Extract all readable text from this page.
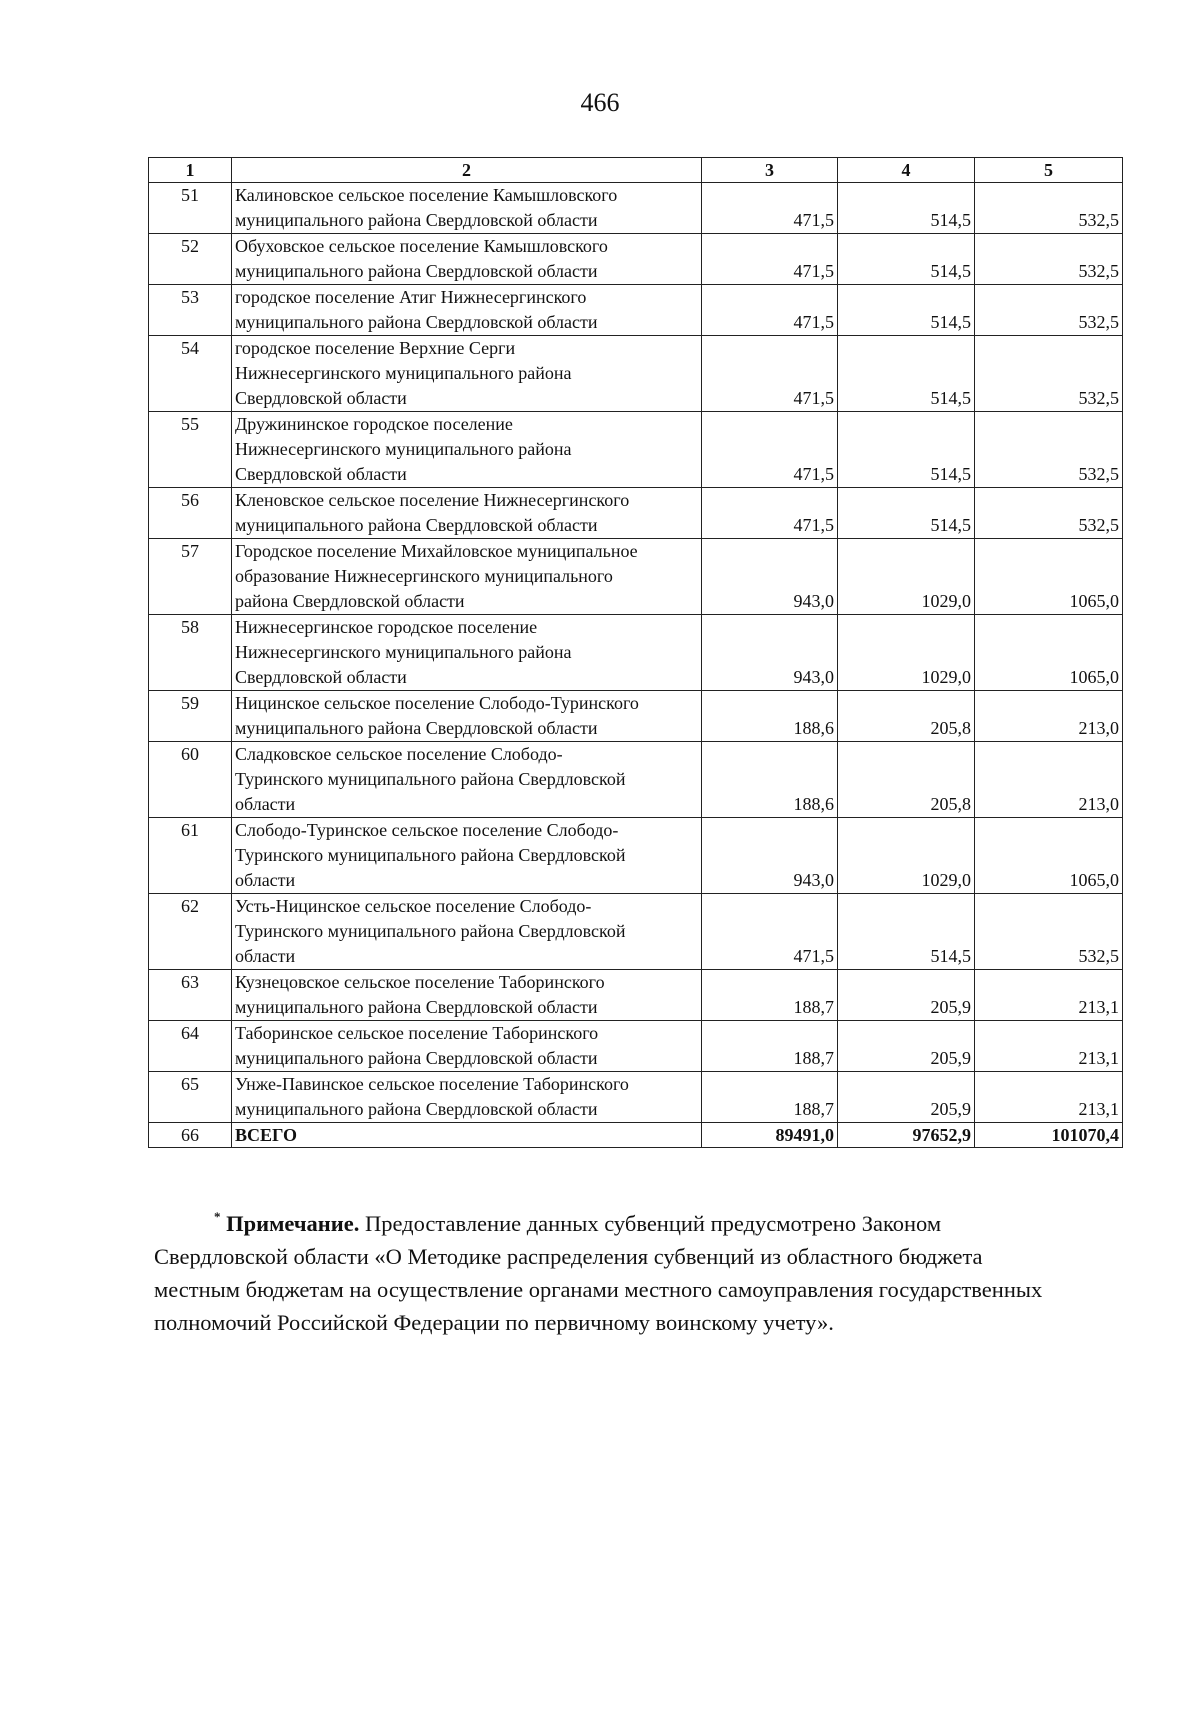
466
1	2	3	4	5
51	Калиновское сельское поселение Камышловского
муниципального района Свердловской области	471,5	514,5	532,5
52	Обуховское сельское поселение Камышловского
муниципального района Свердловской области	471,5	514,5	532,5
53	городское поселение Атиг Нижнесергинского
муниципального района Свердловской области	471,5	514,5	532,5
54	городское поселение Верхние Серги
Нижнесергинского муниципального района
Свердловской области	471,5	514,5	532,5
55	Дружининское городское поселение
Нижнесергинского муниципального района
Свердловской области	471,5	514,5	532,5
56	Кленовское сельское поселение Нижнесергинского
муниципального района Свердловской области	471,5	514,5	532,5
57	Городское поселение Михайловское муниципальное
образование Нижнесергинского муниципального
района Свердловской области	943,0	1029,0	1065,0
58	Нижнесергинское городское поселение
Нижнесергинского муниципального района
Свердловской области	943,0	1029,0	1065,0
59	Ницинское сельское поселение Слободо-Туринского
муниципального района Свердловской области	188,6	205,8	213,0
60	Сладковское сельское поселение Слободо-
Туринского муниципального района Свердловской
области	188,6	205,8	213,0
61	Слободо-Туринское сельское поселение Слободо-
Туринского муниципального района Свердловской
области	943,0	1029,0	1065,0
62	Усть-Ницинское сельское поселение Слободо-
Туринского муниципального района Свердловской
области	471,5	514,5	532,5
63	Кузнецовское сельское поселение Таборинского
муниципального района Свердловской области	188,7	205,9	213,1
64	Таборинское сельское поселение Таборинского
муниципального района Свердловской области	188,7	205,9	213,1
65	Унже-Павинское сельское поселение Таборинского
муниципального района Свердловской области	188,7	205,9	213,1
66	ВСЕГО	89491,0	97652,9	101070,4
* Примечание. Предоставление данных субвенций предусмотрено Законом
Свердловской области «О Методике распределения субвенций из областного бюджета
местным бюджетам на осуществление органами местного самоуправления государственных
полномочий Российской Федерации по первичному воинскому учету».
